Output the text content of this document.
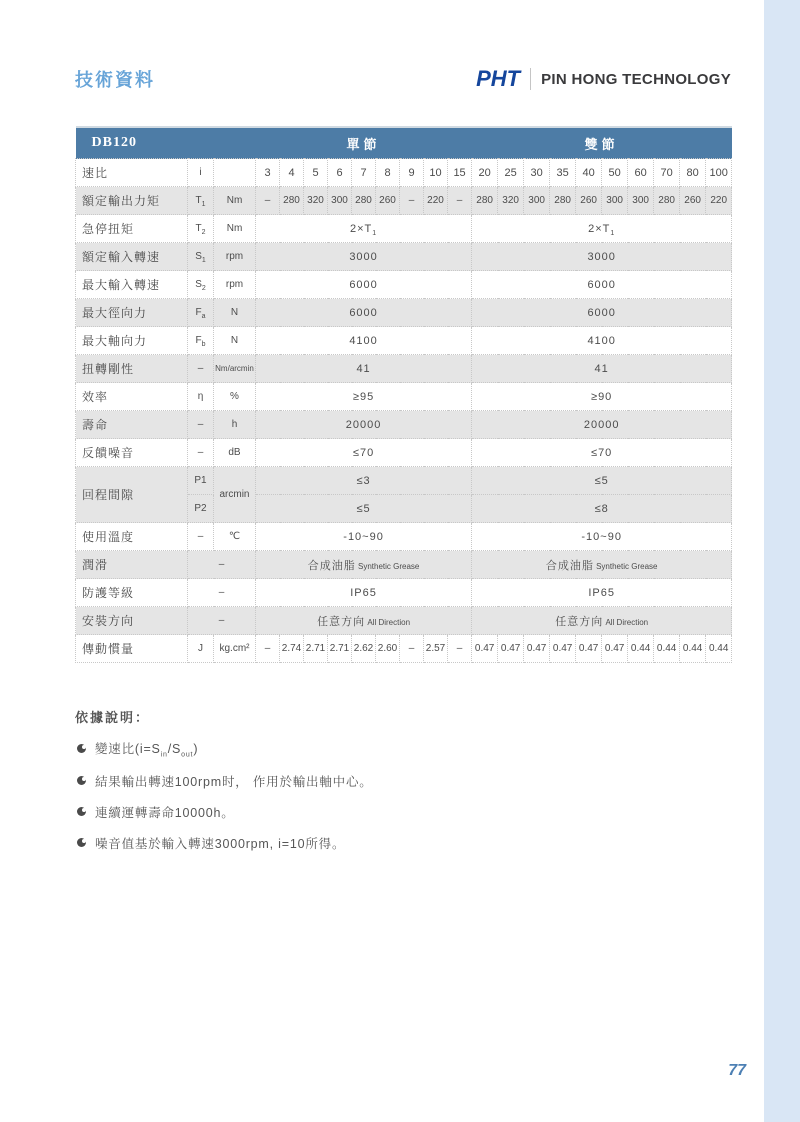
技術資料	PHT PIN HONG TECHNOLOGY
DB120			單節									雙節									
速比	i		3	4	5	6	7	8	9	10	15	20	25	30	35	40	50	60	70	80	100
額定輸出力矩	$T_1$	Nm	–	280	320	300	280	260	–	220	–	280	320	300	280	260	300	300	280	260	220
急停扭矩	$T_2$	Nm	$2\times T_1$									$2\times T_1$
額定輸入轉速	$S_1$	rpm	3000									3000									
最大輸入轉速	$S_2$	rpm	6000									6000									
最大徑向力	$F_a$	N	6000									6000									
最大軸向力	$F_b$	N	4100									4100									
扭轉剛性	–	Nm/arcmin	41									41									
效率	η	%	≥95									≥90									
壽命	–	h	20000									20000									
反饋噪音	–	dB	≤70									≤70									
回程間隙	P1	arcmin	≤3									≤5									
	P2		≤5									≤8									
使用溫度	–	℃	-10~90									-10~90									
潤滑	–		合成油脂 Synthetic Grease									合成油脂 Synthetic Grease									
防護等級	–		IP65									IP65									
安裝方向	–		任意方向 All Direction									任意方向 All Direction									
傳動慣量	J	kg.cm²	–	2.74	2.71	2.71	2.62	2.60	–	2.57	–	0.47	0.47	0.47	0.47	0.47	0.47	0.44	0.44	0.44	0.44
依據說明：
變速比$(i=S_{in}/S_{out})$
結果輸出轉速100rpm时， 作用於輸出軸中心。
連續運轉壽命10000h。
噪音值基於輸入轉速3000rpm, i=10所得。
77
